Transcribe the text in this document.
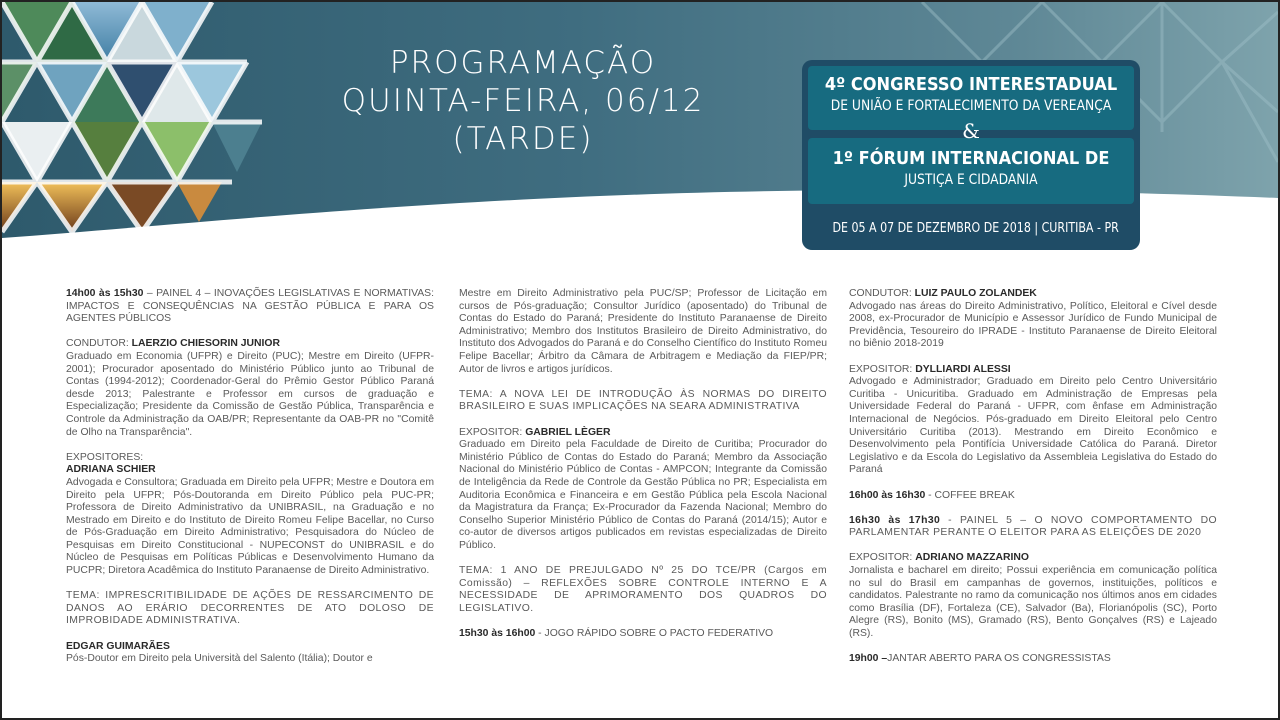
PROGRAMAÇÃO
QUINTA-FEIRA, 06/12
(TARDE)
4º CONGRESSO INTERESTADUAL
DE UNIÃO E FORTALECIMENTO DA VEREANÇA
&
1º FÓRUM INTERNACIONAL DE
JUSTIÇA E CIDADANIA
DE 05 A 07 DE DEZEMBRO DE 2018 | CURITIBA - PR

14h00 às 15h30 – PAINEL 4 – INOVAÇÕES LEGISLATIVAS E NORMATIVAS: IMPACTOS E CONSEQUÊNCIAS NA GESTÃO PÚBLICA E PARA OS AGENTES PÚBLICOS

CONDUTOR: LAERZIO CHIESORIN JUNIOR

Graduado em Economia (UFPR) e Direito (PUC); Mestre em Direito (UFPR-2001); Procurador aposentado do Ministério Público junto ao Tribunal de Contas (1994-2012); Coordenador-Geral do Prêmio Gestor Público Paraná desde 2013; Palestrante e Professor em cursos de graduação e Especialização; Presidente da Comissão de Gestão Pública, Transparência e Controle da Administração da OAB/PR; Representante da OAB-PR no "Comitê de Olho na Transparência".

EXPOSITORES:

ADRIANA SCHIER

Advogada e Consultora; Graduada em Direito pela UFPR; Mestre e Doutora em Direito pela UFPR; Pós-Doutoranda em Direito Público pela PUC-PR; Professora de Direito Administrativo da UNIBRASIL, na Graduação e no Mestrado em Direito e do Instituto de Direito Romeu Felipe Bacellar, no Curso de Pós-Graduação em Direito Administrativo; Pesquisadora do Núcleo de Pesquisas em Direito Constitucional - NUPECONST do UNIBRASIL e do Núcleo de Pesquisas em Políticas Públicas e Desenvolvimento Humano da PUCPR; Diretora Acadêmica do Instituto Paranaense de Direito Administrativo.

TEMA: IMPRESCRITIBILIDADE DE AÇÕES DE RESSARCIMENTO DE DANOS AO ERÁRIO DECORRENTES DE ATO DOLOSO DE IMPROBIDADE ADMINISTRATIVA.

EDGAR GUIMARÃES

Pós-Doutor em Direito pela Università del Salento (Itália); Doutor e

Mestre em Direito Administrativo pela PUC/SP; Professor de Licitação em cursos de Pós-graduação; Consultor Jurídico (aposentado) do Tribunal de Contas do Estado do Paraná; Presidente do Instituto Paranaense de Direito Administrativo; Membro dos Institutos Brasileiro de Direito Administrativo, do Instituto dos Advogados do Paraná e do Conselho Científico do Instituto Romeu Felipe Bacellar; Árbitro da Câmara de Arbitragem e Mediação da FIEP/PR; Autor de livros e artigos jurídicos.

TEMA: A NOVA LEI DE INTRODUÇÃO ÀS NORMAS DO DIREITO BRASILEIRO E SUAS IMPLICAÇÕES NA SEARA ADMINISTRATIVA

EXPOSITOR: GABRIEL LÈGER

Graduado em Direito pela Faculdade de Direito de Curitiba; Procurador do Ministério Público de Contas do Estado do Paraná; Membro da Associação Nacional do Ministério Público de Contas - AMPCON; Integrante da Comissão de Inteligência da Rede de Controle da Gestão Pública no PR; Especialista em Auditoria Econômica e Financeira e em Gestão Pública pela Escola Nacional da Magistratura da França; Ex-Procurador da Fazenda Nacional; Membro do Conselho Superior Ministério Público de Contas do Paraná (2014/15); Autor e co-autor de diversos artigos publicados em revistas especializadas de Direito Público.

TEMA: 1 ANO DE PREJULGADO Nº 25 DO TCE/PR (Cargos em Comissão) – REFLEXÕES SOBRE CONTROLE INTERNO E A NECESSIDADE DE APRIMORAMENTO DOS QUADROS DO LEGISLATIVO.

15h30 às 16h00 - JOGO RÁPIDO SOBRE O PACTO FEDERATIVO

CONDUTOR: LUIZ PAULO ZOLANDEK

Advogado nas áreas do Direito Administrativo, Político, Eleitoral e Cível desde 2008, ex-Procurador de Município e Assessor Jurídico de Fundo Municipal de Previdência, Tesoureiro do IPRADE - Instituto Paranaense de Direito Eleitoral no biênio 2018-2019

EXPOSITOR: DYLLIARDI ALESSI

Advogado e Administrador; Graduado em Direito pelo Centro Universitário Curitiba - Unicuritiba. Graduado em Administração de Empresas pela Universidade Federal do Paraná - UFPR, com ênfase em Administração Internacional de Negócios. Pós-graduado em Direito Eleitoral pelo Centro Universitário Curitiba (2013). Mestrando em Direito Econômico e Desenvolvimento pela Pontifícia Universidade Católica do Paraná. Diretor Legislativo e da Escola do Legislativo da Assembleia Legislativa do Estado do Paraná

16h00 às 16h30 - COFFEE BREAK

16h30 às 17h30 - PAINEL 5 – O NOVO COMPORTAMENTO DO PARLAMENTAR PERANTE O ELEITOR PARA AS ELEIÇÕES DE 2020

EXPOSITOR: ADRIANO MAZZARINO

Jornalista e bacharel em direito; Possui experiência em comunicação política no sul do Brasil em campanhas de governos, instituições, políticos e candidatos. Palestrante no ramo da comunicação nos últimos anos em cidades como Brasília (DF), Fortaleza (CE), Salvador (Ba), Florianópolis (SC), Porto Alegre (RS), Bonito (MS), Gramado (RS), Bento Gonçalves (RS) e Lajeado (RS).

19h00 –JANTAR ABERTO PARA OS CONGRESSISTAS
